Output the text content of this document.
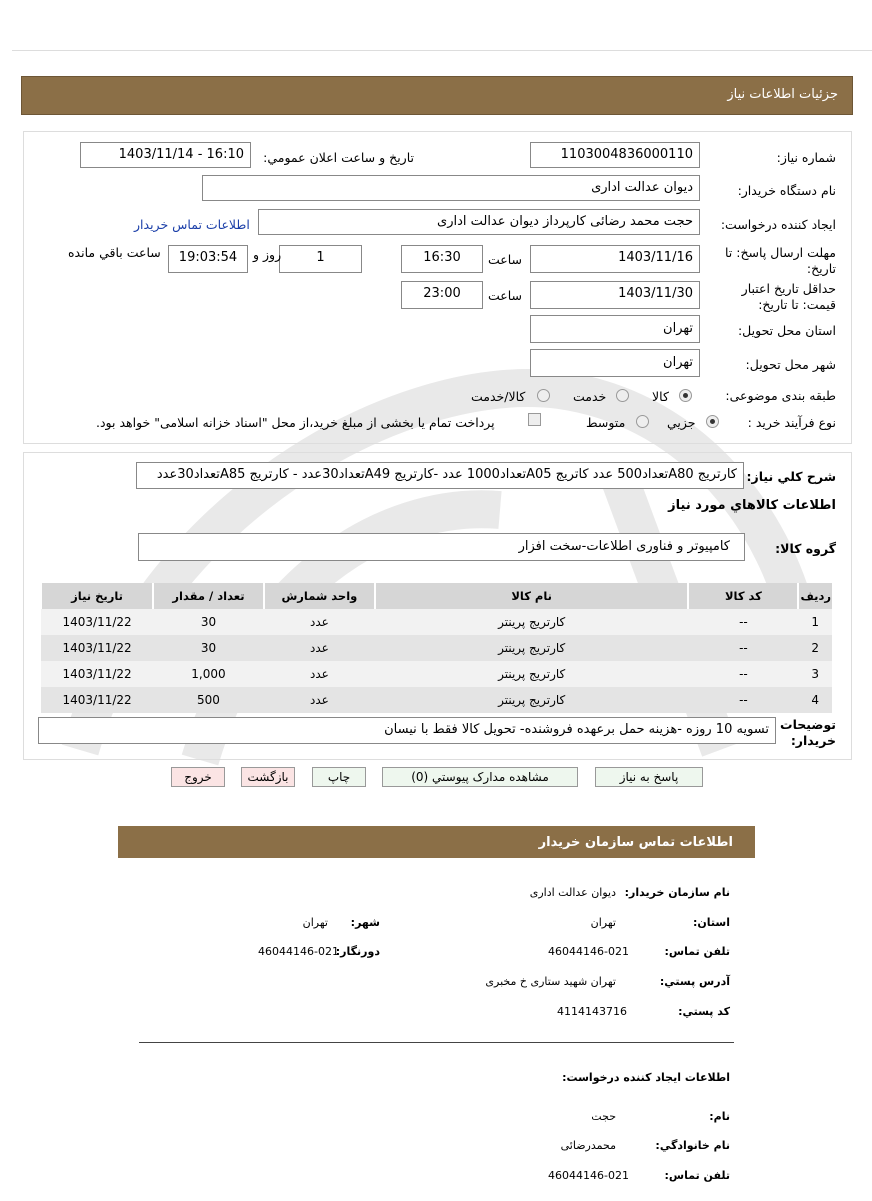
جزئیات اطلاعات نیاز
شماره نیاز:
1103004836000110
تاریخ و ساعت اعلان عمومي:
1403/11/14 - 16:10
نام دستگاه خریدار:
دیوان عدالت اداری
ایجاد کننده درخواست:
حجت محمد رضائی کارپرداز دیوان عدالت اداری
اطلاعات تماس خریدار
مهلت ارسال پاسخ: تا
تاریخ:
1403/11/16
ساعت
16:30
1
روز و
19:03:54
ساعت باقي مانده
حداقل تاریخ اعتبار
قیمت: تا تاریخ:
1403/11/30
ساعت
23:00
استان محل تحویل:
تهران
شهر محل تحویل:
تهران
طبقه بندی موضوعی:
کالا
خدمت
کالا/خدمت
نوع فرآیند خرید :
جزیي
متوسط
پرداخت تمام یا بخشی از مبلغ خرید،از محل "اسناد خزانه اسلامی" خواهد بود.
شرح کلي نیاز:
کارتریج A80تعداد500 عدد کاتریج A05تعداد1000 عدد -کارتریج A49تعداد30عدد - کارتریج A85تعداد30عدد
اطلاعات کالاهاي مورد نیاز
گروه کالا:
کامپیوتر و فناوری اطلاعات-سخت افزار
ردیف	کد کالا	نام کالا	واحد شمارش	تعداد / مقدار	تاریخ نیاز
1	--	کارتریج پرینتر	عدد	30	1403/11/22
2	--	کارتریج پرینتر	عدد	30	1403/11/22
3	--	کارتریج پرینتر	عدد	1,000	1403/11/22
4	--	کارتریج پرینتر	عدد	500	1403/11/22
توضیحات
خریدار:
تسویه 10 روزه -هزینه حمل برعهده فروشنده- تحویل کالا فقط با نیسان
پاسخ به نیاز
مشاهده مدارک پیوستي (0)
چاپ
بازگشت
خروج
اطلاعات تماس سازمان خریدار
نام سازمان خریدار:
دیوان عدالت اداری
استان:
تهران
شهر:
تهران
تلفن تماس:
46044146-021
دورنگار:
46044146-021
آدرس پستي:
تهران شهید ستاری خ مخبری
کد پستي:
4114143716
اطلاعات ایجاد کننده درخواست:
نام:
حجت
نام خانوادگي:
محمدرضائی
تلفن تماس:
46044146-021
